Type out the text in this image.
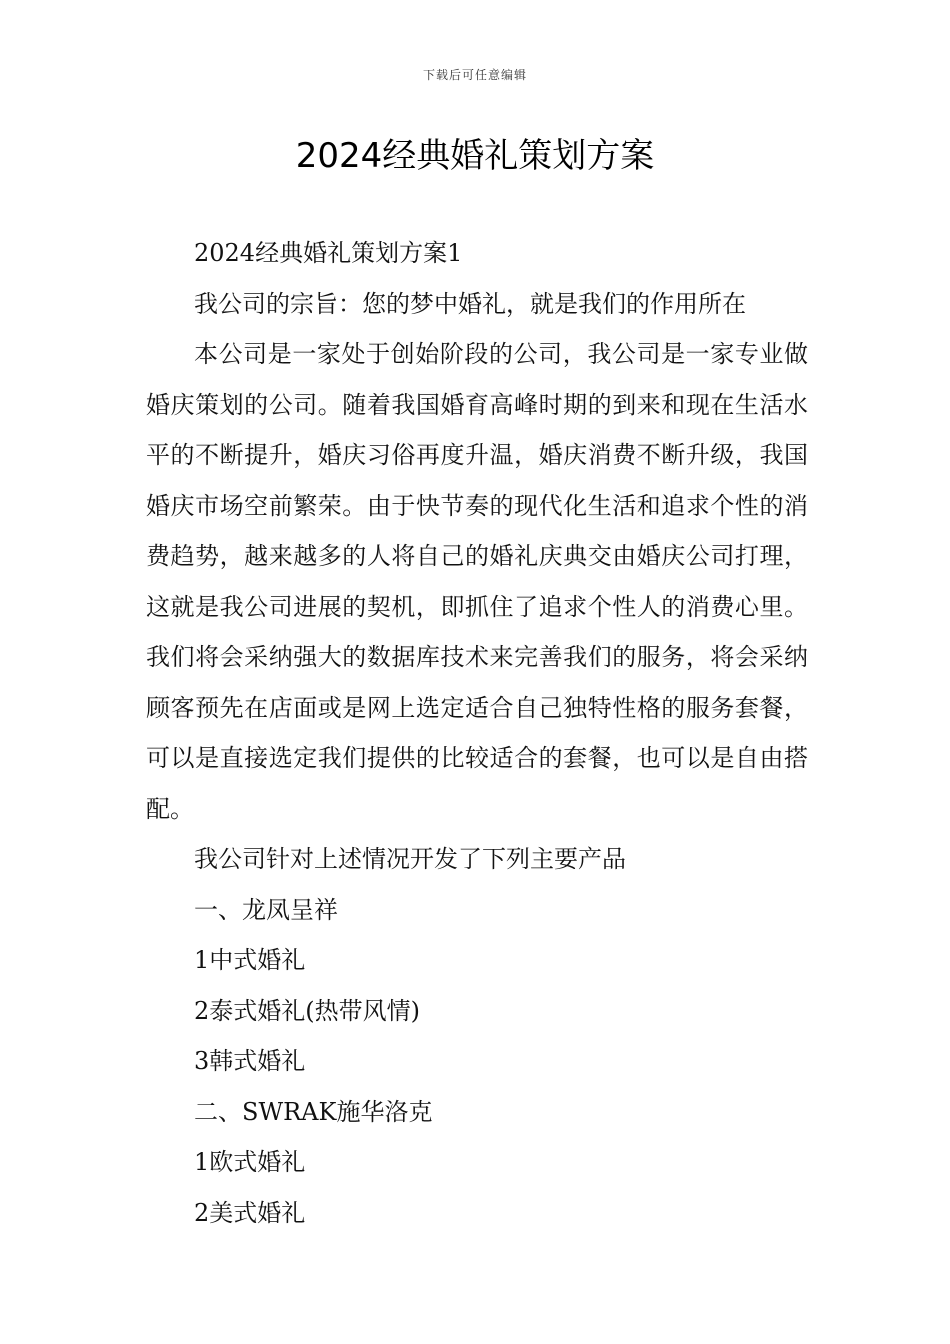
下载后可任意编辑
2024经典婚礼策划方案

2024经典婚礼策划方案1

我公司的宗旨：您的梦中婚礼，就是我们的作用所在

本公司是一家处于创始阶段的公司，我公司是一家专业做婚庆策划的公司。随着我国婚育高峰时期的到来和现在生活水平的不断提升，婚庆习俗再度升温，婚庆消费不断升级，我国婚庆市场空前繁荣。由于快节奏的现代化生活和追求个性的消费趋势，越来越多的人将自己的婚礼庆典交由婚庆公司打理，这就是我公司进展的契机，即抓住了追求个性人的消费心里。我们将会采纳强大的数据库技术来完善我们的服务，将会采纳顾客预先在店面或是网上选定适合自己独特性格的服务套餐，可以是直接选定我们提供的比较适合的套餐，也可以是自由搭配。

我公司针对上述情况开发了下列主要产品

一、龙凤呈祥

1中式婚礼

2泰式婚礼(热带风情)

3韩式婚礼

二、SWRAK施华洛克

1欧式婚礼

2美式婚礼
